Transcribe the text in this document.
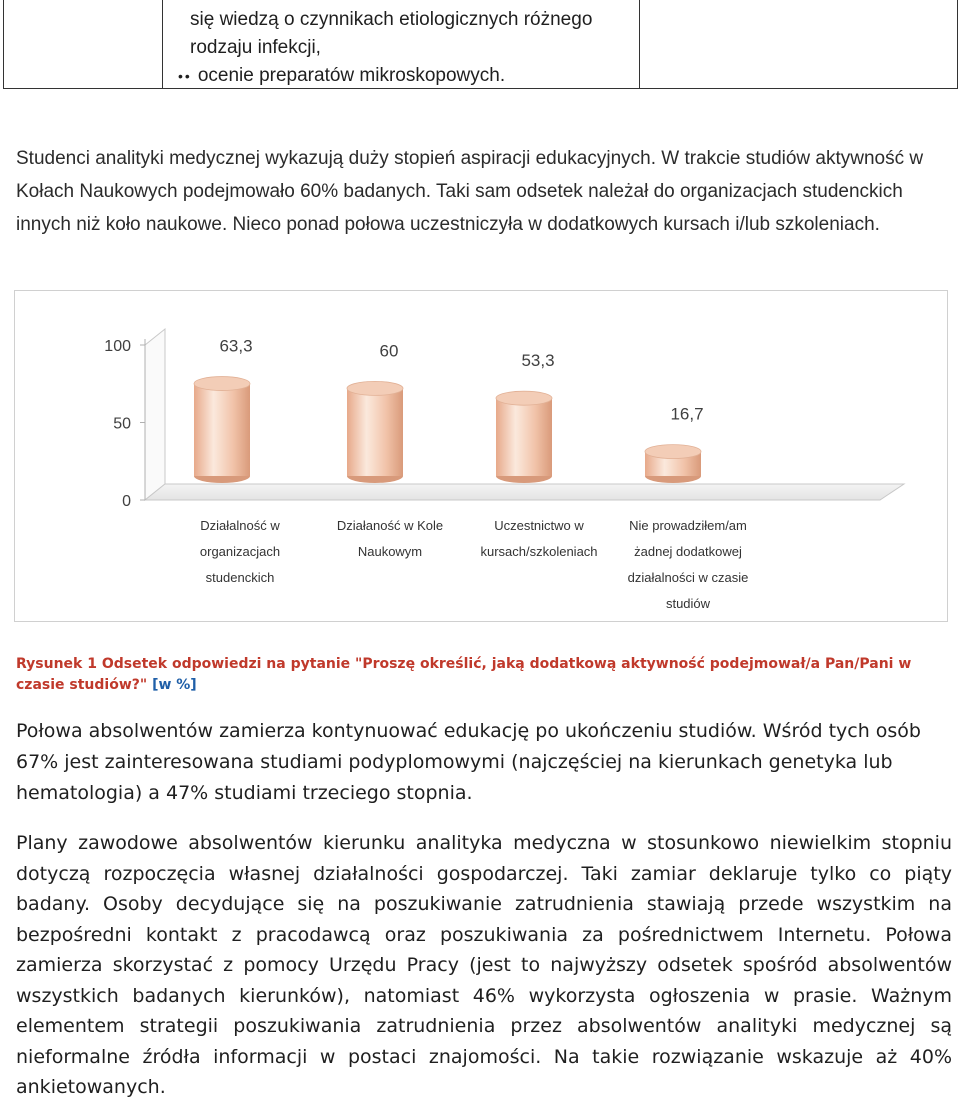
się wiedzą o czynnikach etiologicznych różnego
rodzaju infekcji,
•• ocenie preparatów mikroskopowych.
Studenci analityki medycznej wykazują duży stopień aspiracji edukacyjnych. W trakcie studiów aktywność w Kołach Naukowych podejmowało 60% badanych. Taki sam odsetek należał do organizacjach studenckich innych niż koło naukowe. Nieco ponad połowa uczestniczyła w dodatkowych kursach i/lub szkoleniach.
0
50
100	63,3	60
53,3
16,7
Działalność w
organizacjach
studenckich
Działaność w Kole
Naukowym
Uczestnictwo w
kursach/szkoleniach
Nie prowadziłem/am
żadnej dodatkowej
działalności w czasie
studiów
Rysunek 1 Odsetek odpowiedzi na pytanie "Proszę określić, jaką dodatkową aktywność podejmował/a Pan/Pani w czasie studiów?" [w %]
Połowa absolwentów zamierza kontynuować edukację po ukończeniu studiów. Wśród tych osób 67% jest zainteresowana studiami podyplomowymi (najczęściej na kierunkach genetyka lub hematologia) a 47% studiami trzeciego stopnia.
Plany zawodowe absolwentów kierunku analityka medyczna w stosunkowo niewielkim stopniu dotyczą rozpoczęcia własnej działalności gospodarczej. Taki zamiar deklaruje tylko co piąty badany. Osoby decydujące się na poszukiwanie zatrudnienia stawiają przede wszystkim na bezpośredni kontakt z pracodawcą oraz poszukiwania za pośrednictwem Internetu. Połowa zamierza skorzystać z pomocy Urzędu Pracy (jest to najwyższy odsetek spośród absolwentów wszystkich badanych kierunków), natomiast 46% wykorzysta ogłoszenia w prasie. Ważnym elementem strategii poszukiwania zatrudnienia przez absolwentów analityki medycznej są nieformalne źródła informacji w postaci znajomości. Na takie rozwiązanie wskazuje aż 40% ankietowanych.
